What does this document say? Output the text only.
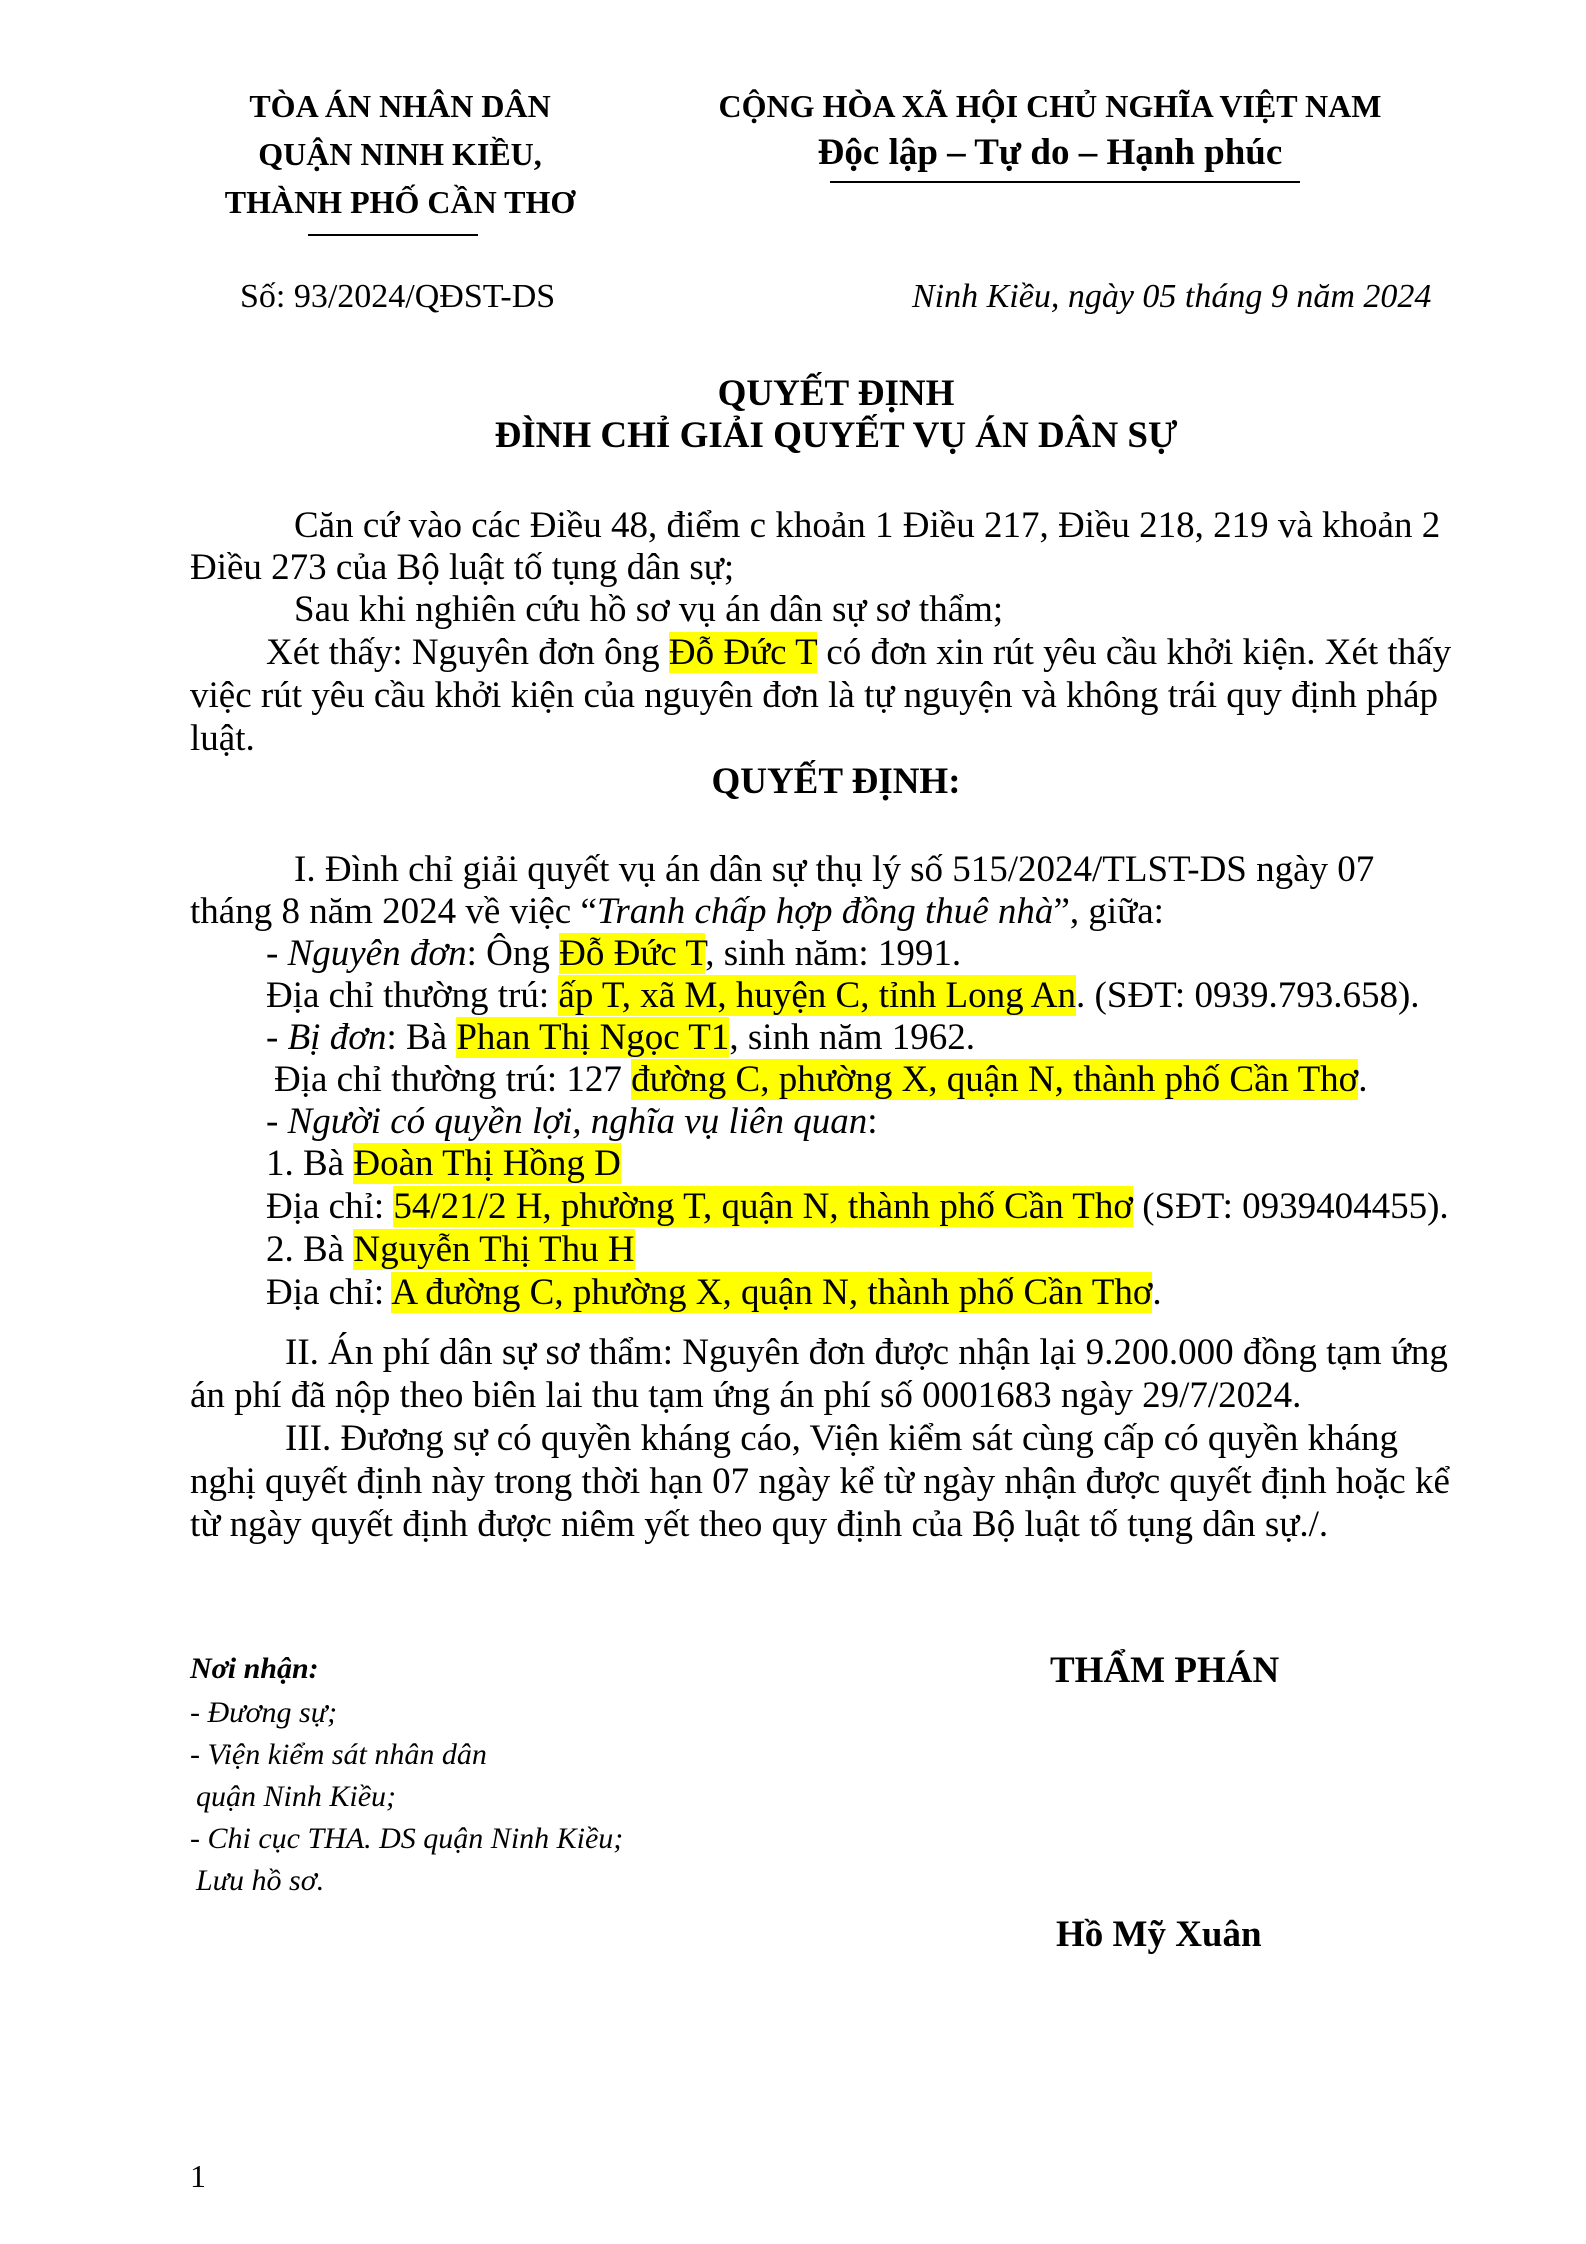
TÒA ÁN NHÂN DÂN
QUẬN NINH KIỀU,
THÀNH PHỐ CẦN THƠ
CỘNG HÒA XÃ HỘI CHỦ NGHĨA VIỆT NAM
Độc lập – Tự do – Hạnh phúc
Số: 93/2024/QĐST-DS	Ninh Kiều, ngày 05 tháng 9 năm 2024
QUYẾT ĐỊNH
ĐÌNH CHỈ GIẢI QUYẾT VỤ ÁN DÂN SỰ
Căn cứ vào các Điều 48, điểm c khoản 1 Điều 217, Điều 218, 219 và khoản 2
Điều 273 của Bộ luật tố tụng dân sự;
Sau khi nghiên cứu hồ sơ vụ án dân sự sơ thẩm;
Xét thấy: Nguyên đơn ông Đỗ Đức T có đơn xin rút yêu cầu khởi kiện. Xét thấy
việc rút yêu cầu khởi kiện của nguyên đơn là tự nguyện và không trái quy định pháp
luật.
QUYẾT ĐỊNH:
I. Đình chỉ giải quyết vụ án dân sự thụ lý số 515/2024/TLST-DS ngày 07
tháng 8 năm 2024 về việc “Tranh chấp hợp đồng thuê nhà”, giữa:
- Nguyên đơn: Ông Đỗ Đức T, sinh năm: 1991.
Địa chỉ thường trú: ấp T, xã M, huyện C, tỉnh Long An. (SĐT: 0939.793.658).
- Bị đơn: Bà Phan Thị Ngọc T1, sinh năm 1962.
Địa chỉ thường trú: 127 đường C, phường X, quận N, thành phố Cần Thơ.
- Người có quyền lợi, nghĩa vụ liên quan:
1. Bà Đoàn Thị Hồng D
Địa chỉ: 54/21/2 H, phường T, quận N, thành phố Cần Thơ (SĐT: 0939404455).
2. Bà Nguyễn Thị Thu H
Địa chỉ: A đường C, phường X, quận N, thành phố Cần Thơ.
II. Án phí dân sự sơ thẩm: Nguyên đơn được nhận lại 9.200.000 đồng tạm ứng
án phí đã nộp theo biên lai thu tạm ứng án phí số 0001683 ngày 29/7/2024.
III. Đương sự có quyền kháng cáo, Viện kiểm sát cùng cấp có quyền kháng
nghị quyết định này trong thời hạn 07 ngày kể từ ngày nhận được quyết định hoặc kể
từ ngày quyết định được niêm yết theo quy định của Bộ luật tố tụng dân sự./.
Nơi nhận:
- Đương sự;
- Viện kiểm sát nhân dân
quận Ninh Kiều;
- Chi cục THA. DS quận Ninh Kiều;
Lưu hồ sơ.
THẨM PHÁN
Hồ Mỹ Xuân
1
